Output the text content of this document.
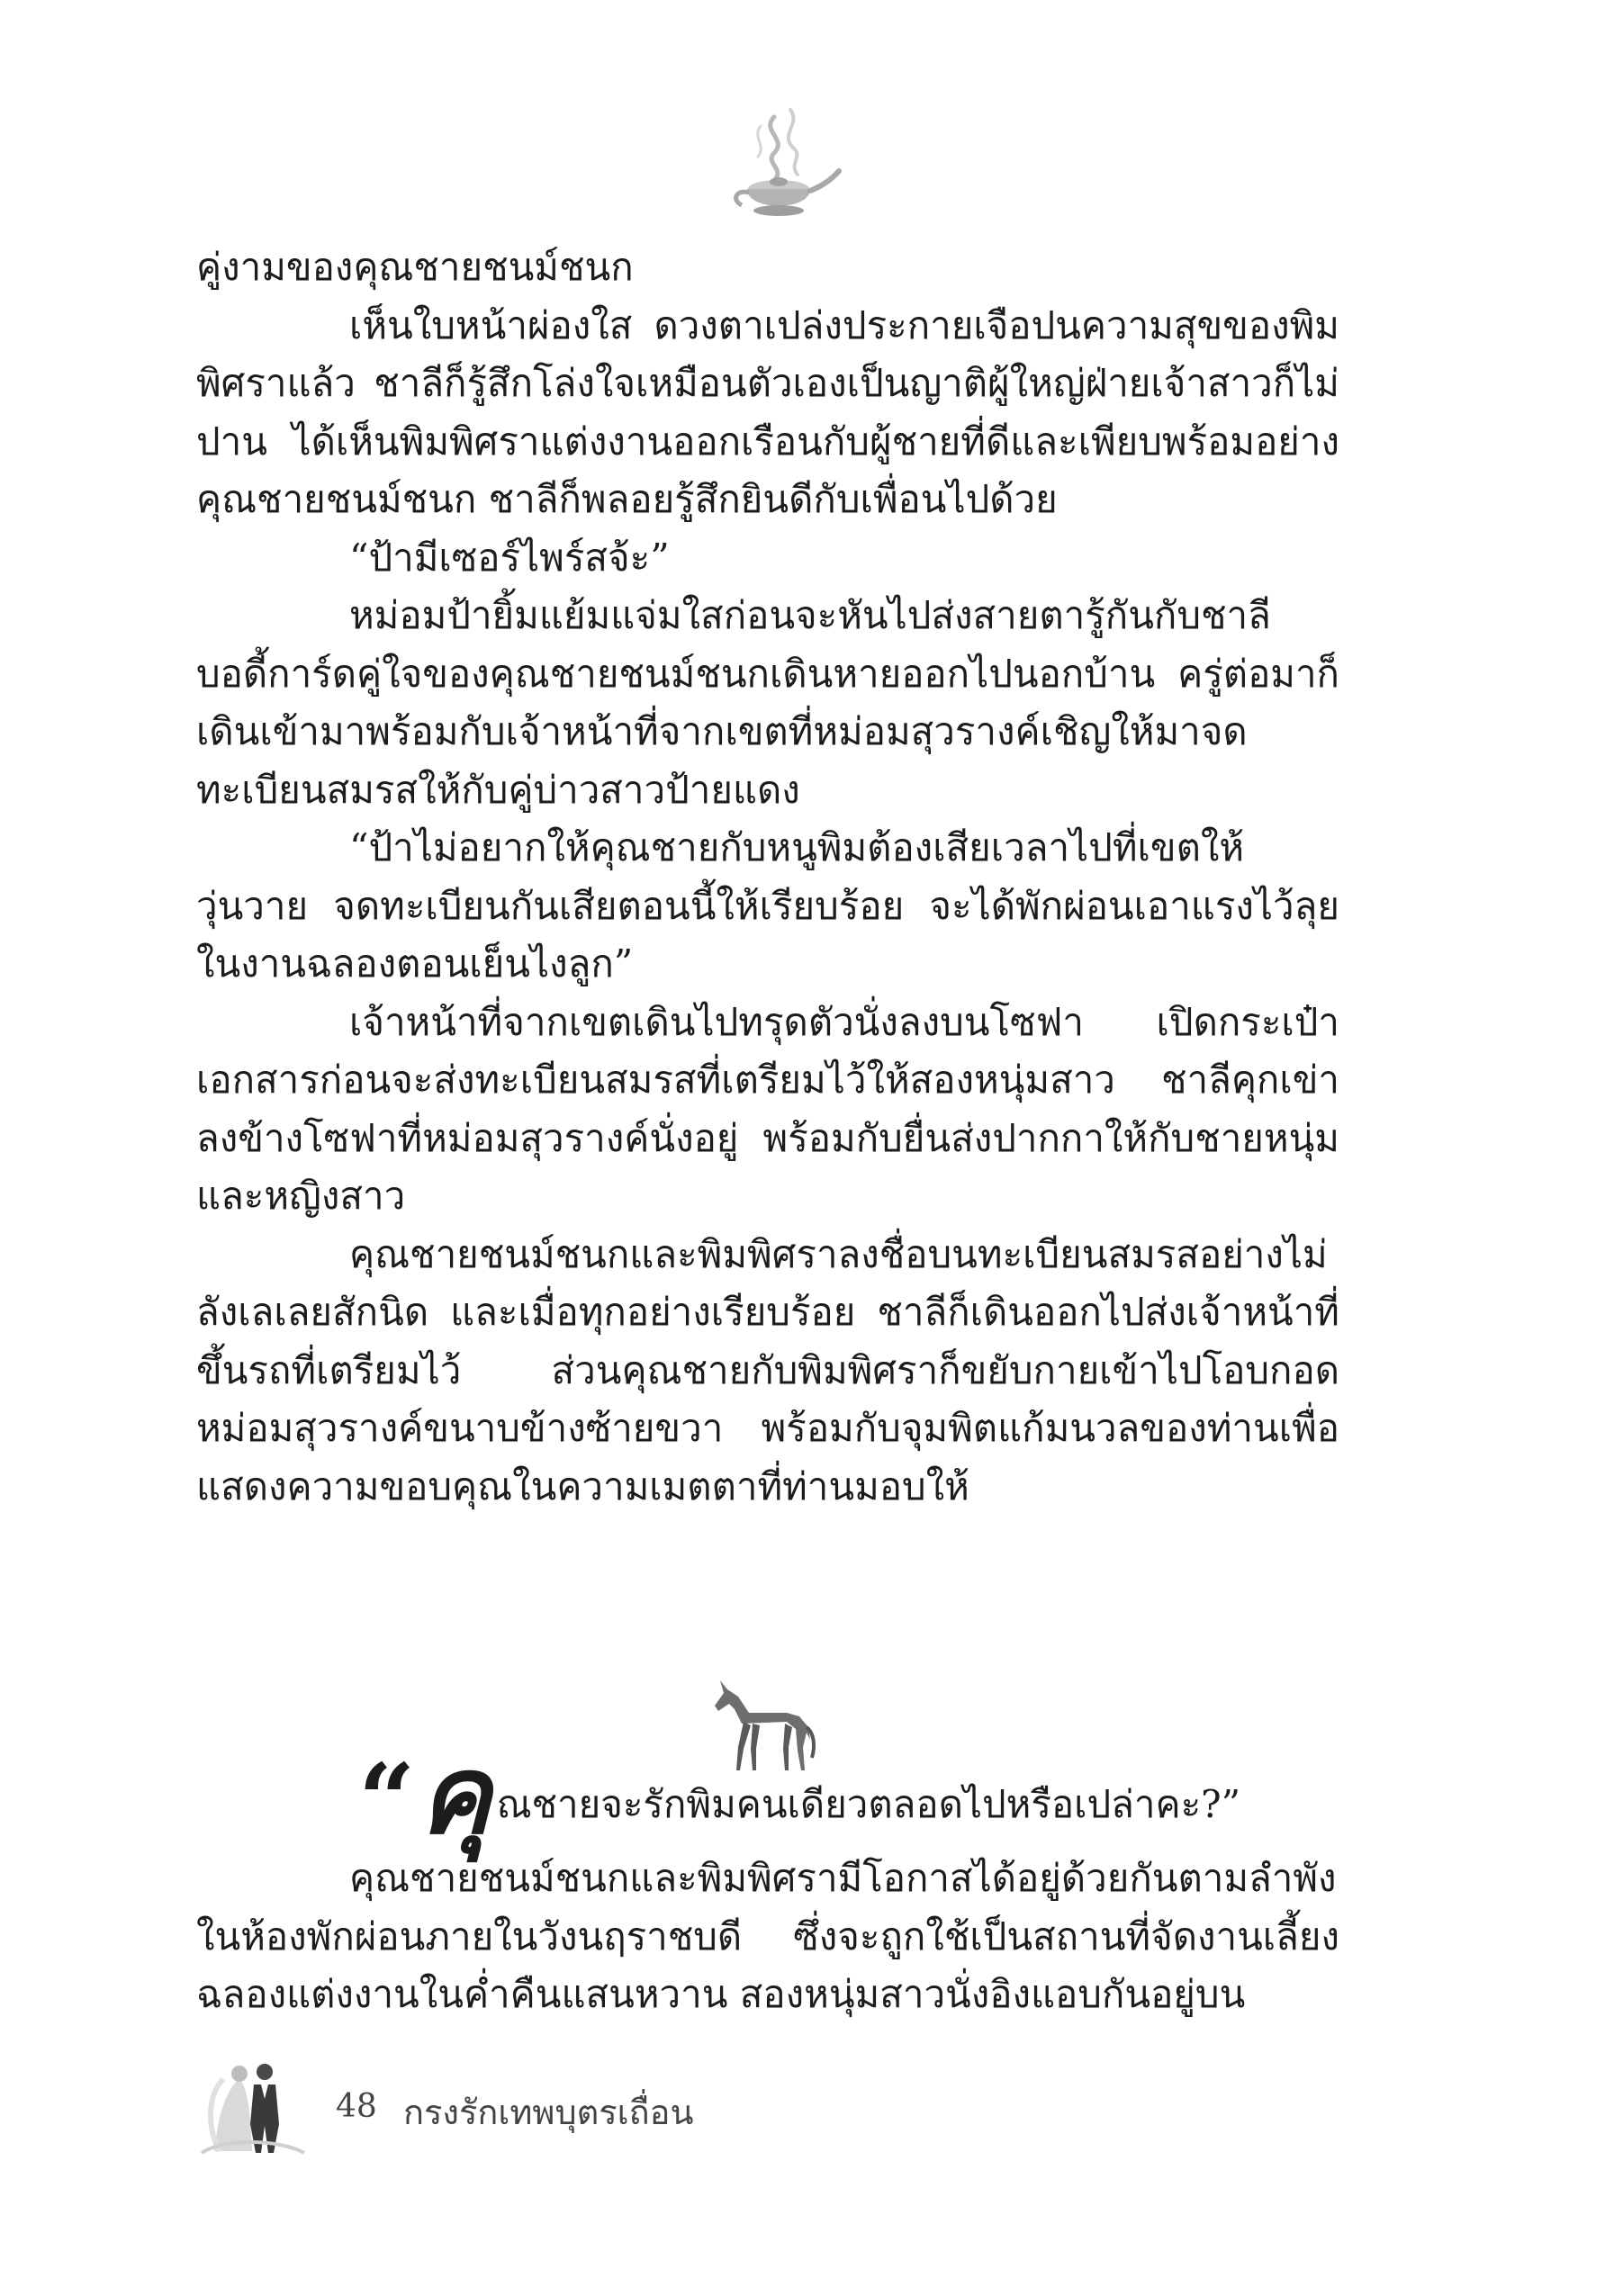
คู่งามของคุณชายชนม์ชนก

เห็นใบหน้าผ่องใส ดวงตาเปล่งประกายเจือปนความสุขของพิมพิศราแล้ว ชาลีก็รู้สึกโล่งใจเหมือนตัวเองเป็นญาติผู้ใหญ่ฝ่ายเจ้าสาวก็ไม่ปาน ได้เห็นพิมพิศราแต่งงานออกเรือนกับผู้ชายที่ดีและเพียบพร้อมอย่างคุณชายชนม์ชนก ชาลีก็พลอยรู้สึกยินดีกับเพื่อนไปด้วย

“ป้ามีเซอร์ไพร์สจ้ะ”

หม่อมป้ายิ้มแย้มแจ่มใสก่อนจะหันไปส่งสายตารู้กันกับชาลีบอดี้การ์ดคู่ใจของคุณชายชนม์ชนกเดินหายออกไปนอกบ้าน ครู่ต่อมาก็เดินเข้ามาพร้อมกับเจ้าหน้าที่จากเขตที่หม่อมสุวรางค์เชิญให้มาจดทะเบียนสมรสให้กับคู่บ่าวสาวป้ายแดง

“ป้าไม่อยากให้คุณชายกับหนูพิมต้องเสียเวลาไปที่เขตให้วุ่นวาย จดทะเบียนกันเสียตอนนี้ให้เรียบร้อย จะได้พักผ่อนเอาแรงไว้ลุยในงานฉลองตอนเย็นไงลูก”

เจ้าหน้าที่จากเขตเดินไปทรุดตัวนั่งลงบนโซฟา เปิดกระเป๋าเอกสารก่อนจะส่งทะเบียนสมรสที่เตรียมไว้ให้สองหนุ่มสาว ชาลีคุกเข่าลงข้างโซฟาที่หม่อมสุวรางค์นั่งอยู่ พร้อมกับยื่นส่งปากกาให้กับชายหนุ่มและหญิงสาว

คุณชายชนม์ชนกและพิมพิศราลงชื่อบนทะเบียนสมรสอย่างไม่ลังเลเลยสักนิด และเมื่อทุกอย่างเรียบร้อย ชาลีก็เดินออกไปส่งเจ้าหน้าที่ขึ้นรถที่เตรียมไว้ ส่วนคุณชายกับพิมพิศราก็ขยับกายเข้าไปโอบกอดหม่อมสุวรางค์ขนาบข้างซ้ายขวา พร้อมกับจุมพิตแก้มนวลของท่านเพื่อแสดงความขอบคุณในความเมตตาที่ท่านมอบให้

“ คุ ณชายจะรักพิมคนเดียวตลอดไปหรือเปล่าคะ?”

คุณชายชนม์ชนกและพิมพิศรามีโอกาสได้อยู่ด้วยกันตามลำพังในห้องพักผ่อนภายในวังนฤราชบดี ซึ่งจะถูกใช้เป็นสถานที่จัดงานเลี้ยงฉลองแต่งงานในค่ำคืนแสนหวาน สองหนุ่มสาวนั่งอิงแอบกันอยู่บน

48 กรงรักเทพบุตรเถื่อน
